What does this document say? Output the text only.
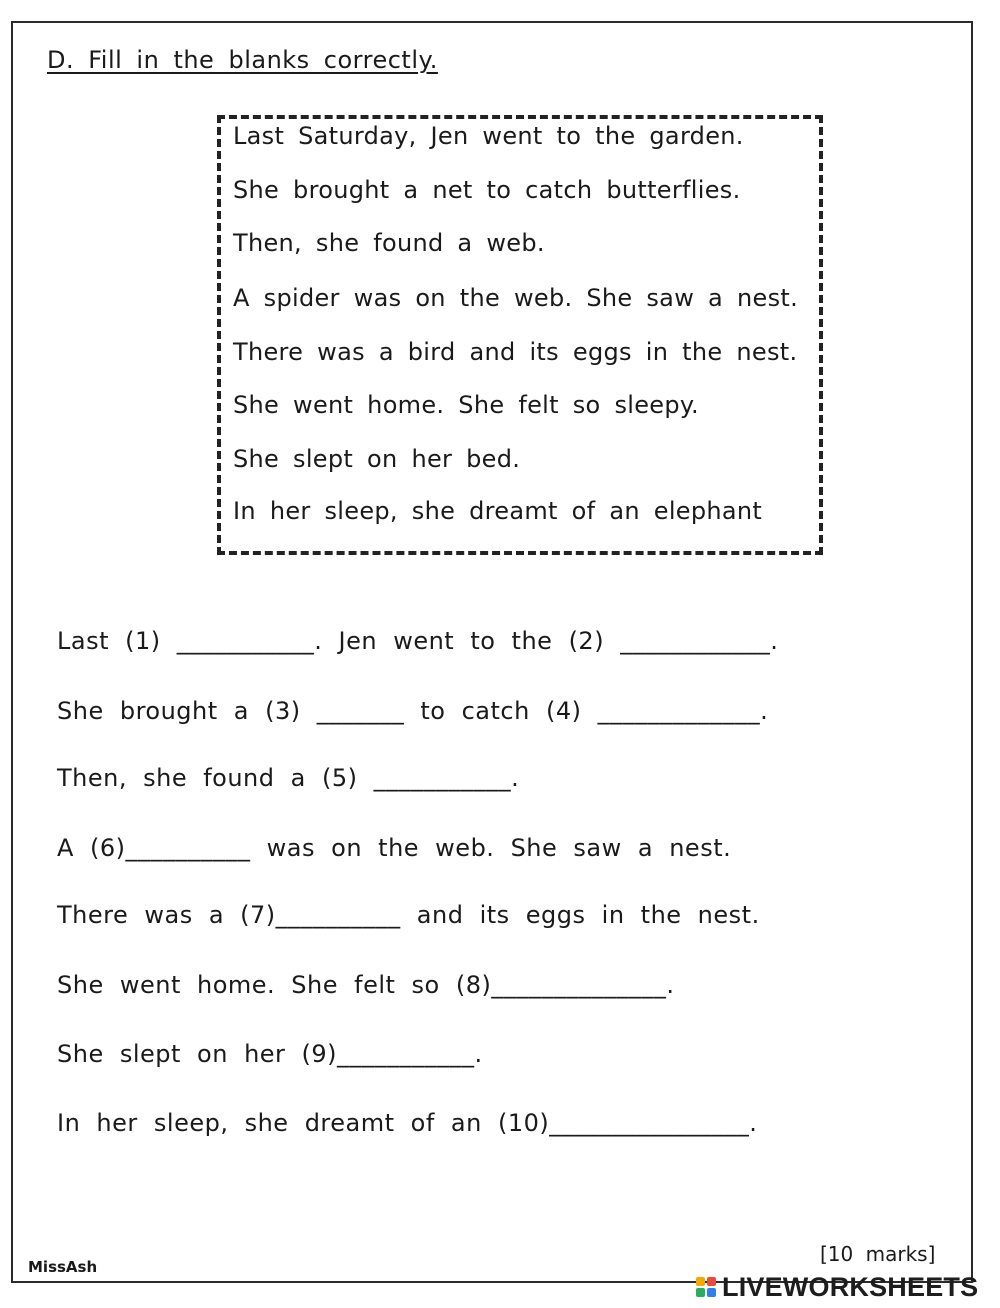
D. Fill in the blanks correctly.
Last Saturday, Jen went to the garden.
She brought a net to catch butterflies.
Then, she found a web.
A spider was on the web. She saw a nest.
There was a bird and its eggs in the nest.
She went home. She felt so sleepy.
She slept on her bed.
In her sleep, she dreamt of an elephant
Last (1) ___________. Jen went to the (2) ____________.
She brought a (3) _______ to catch (4) _____________.
Then, she found a (5) ___________.
A (6)__________ was on the web. She saw a nest.
There was a (7)__________ and its eggs in the nest.
She went home. She felt so (8)______________.
She slept on her (9)___________.
In her sleep, she dreamt of an (10)________________.
MissAsh
[10 marks]
LIVEWORKSHEETS
